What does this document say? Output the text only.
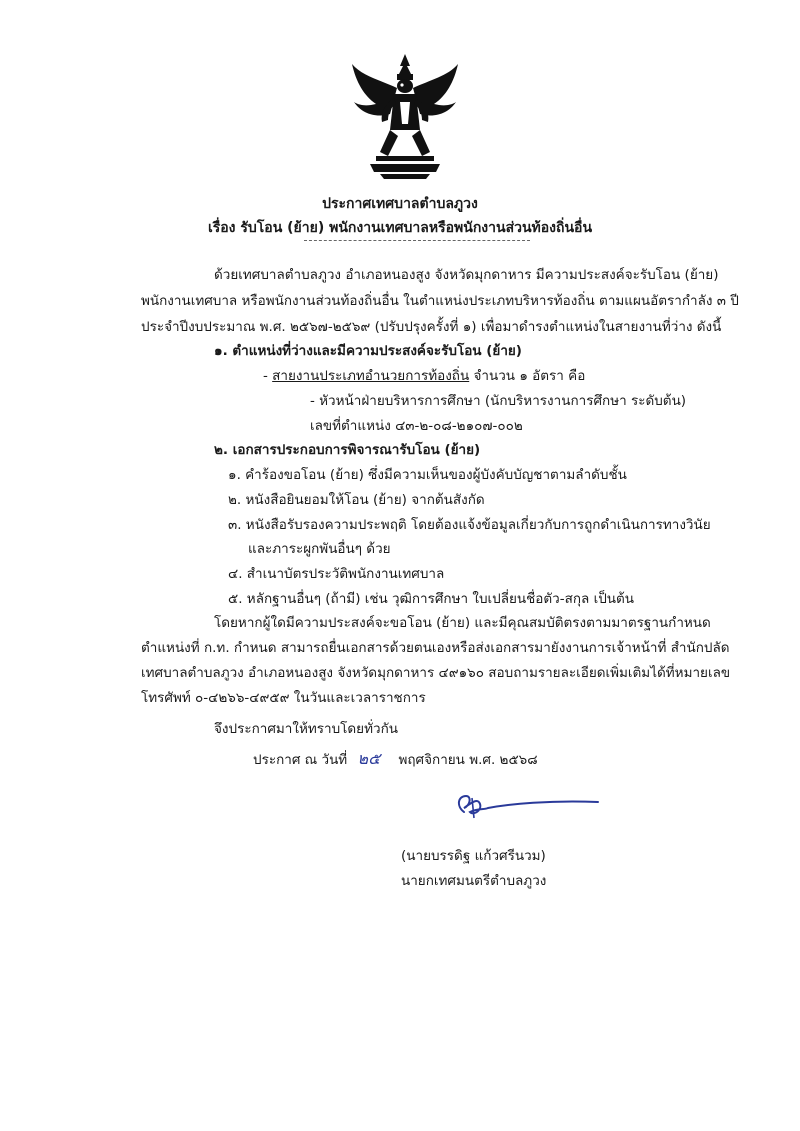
ประกาศเทศบาลตำบลภูวง
เรื่อง รับโอน (ย้าย) พนักงานเทศบาลหรือพนักงานส่วนท้องถิ่นอื่น
ด้วยเทศบาลตำบลภูวง อำเภอหนองสูง จังหวัดมุกดาหาร มีความประสงค์จะรับโอน (ย้าย)
พนักงานเทศบาล หรือพนักงานส่วนท้องถิ่นอื่น ในตำแหน่งประเภทบริหารท้องถิ่น ตามแผนอัตรากำลัง ๓ ปี
ประจำปีงบประมาณ พ.ศ. ๒๕๖๗-๒๕๖๙ (ปรับปรุงครั้งที่ ๑) เพื่อมาดำรงตำแหน่งในสายงานที่ว่าง ดังนี้
๑. ตำแหน่งที่ว่างและมีความประสงค์จะรับโอน (ย้าย)
- สายงานประเภทอำนวยการท้องถิ่น จำนวน ๑ อัตรา คือ
- หัวหน้าฝ่ายบริหารการศึกษา (นักบริหารงานการศึกษา ระดับต้น)
เลขที่ตำแหน่ง ๔๓-๒-๐๘-๒๑๐๗-๐๐๒
๒. เอกสารประกอบการพิจารณารับโอน (ย้าย)
๑. คำร้องขอโอน (ย้าย) ซึ่งมีความเห็นของผู้บังคับบัญชาตามลำดับชั้น
๒. หนังสือยินยอมให้โอน (ย้าย) จากต้นสังกัด
๓. หนังสือรับรองความประพฤติ โดยต้องแจ้งข้อมูลเกี่ยวกับการถูกดำเนินการทางวินัย
และภาระผูกพันอื่นๆ ด้วย
๔. สำเนาบัตรประวัติพนักงานเทศบาล
๕. หลักฐานอื่นๆ (ถ้ามี) เช่น วุฒิการศึกษา ใบเปลี่ยนชื่อตัว-สกุล เป็นต้น
โดยหากผู้ใดมีความประสงค์จะขอโอน (ย้าย) และมีคุณสมบัติตรงตามมาตรฐานกำหนด
ตำแหน่งที่ ก.ท. กำหนด สามารถยื่นเอกสารด้วยตนเองหรือส่งเอกสารมายังงานการเจ้าหน้าที่ สำนักปลัด
เทศบาลตำบลภูวง อำเภอหนองสูง จังหวัดมุกดาหาร ๔๙๑๖๐ สอบถามรายละเอียดเพิ่มเติมได้ที่หมายเลข
โทรศัพท์ ๐-๔๒๖๖-๔๙๕๙ ในวันและเวลาราชการ
จึงประกาศมาให้ทราบโดยทั่วกัน
ประกาศ ณ วันที่ ๒๕ พฤศจิกายน พ.ศ. ๒๕๖๘
(นายบรรดิฐ แก้วศรีนวม)
นายกเทศมนตรีตำบลภูวง
